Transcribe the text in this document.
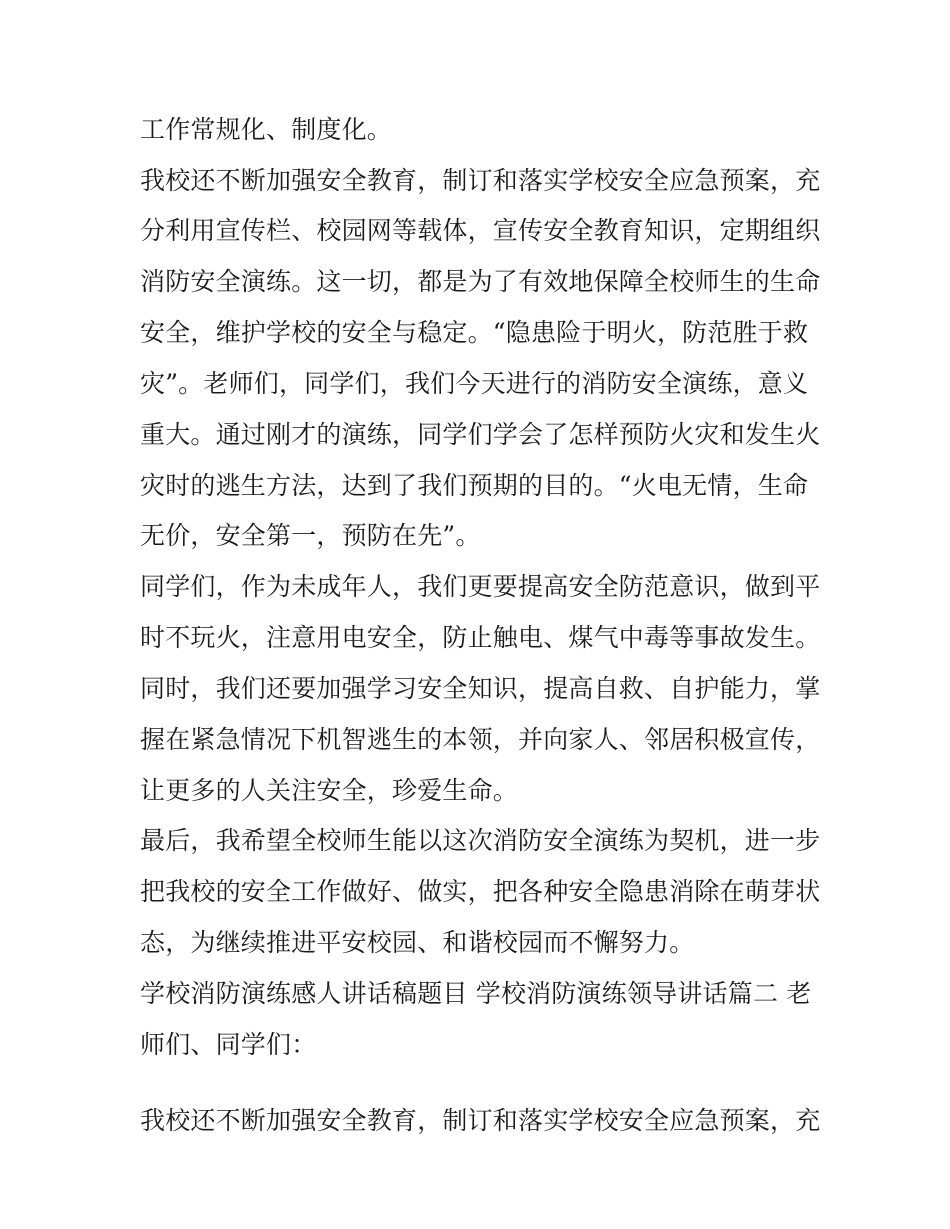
工作常规化、制度化。

我校还不断加强安全教育，制订和落实学校安全应急预案，充

分利用宣传栏、校园网等载体，宣传安全教育知识，定期组织

消防安全演练。这一切，都是为了有效地保障全校师生的生命

安全，维护学校的安全与稳定。“隐患险于明火，防范胜于救

灾”。老师们，同学们，我们今天进行的消防安全演练，意义

重大。通过刚才的演练，同学们学会了怎样预防火灾和发生火

灾时的逃生方法，达到了我们预期的目的。“火电无情，生命

无价，安全第一，预防在先”。

同学们，作为未成年人，我们更要提高安全防范意识，做到平

时不玩火，注意用电安全，防止触电、煤气中毒等事故发生。

同时，我们还要加强学习安全知识，提高自救、自护能力，掌

握在紧急情况下机智逃生的本领，并向家人、邻居积极宣传，

让更多的人关注安全，珍爱生命。

最后，我希望全校师生能以这次消防安全演练为契机，进一步

把我校的安全工作做好、做实，把各种安全隐患消除在萌芽状

态，为继续推进平安校园、和谐校园而不懈努力。

学校消防演练感人讲话稿题目 学校消防演练领导讲话篇二 老

师们、同学们：

我校还不断加强安全教育，制订和落实学校安全应急预案，充
